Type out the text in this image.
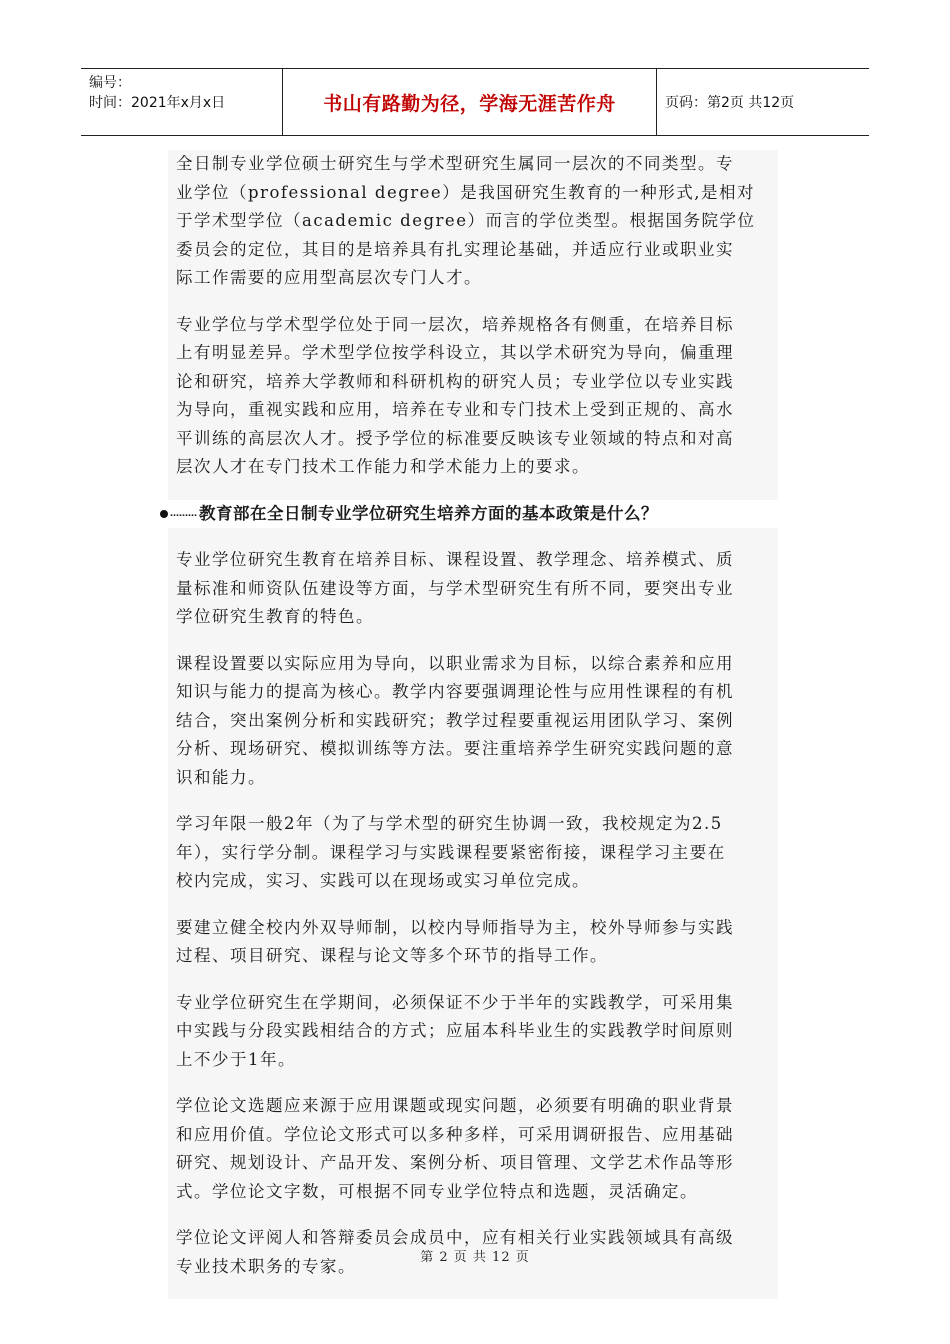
编号：
时间：2021年x月x日	书山有路勤为径，学海无涯苦作舟	页码：第2页 共12页
全日制专业学位硕士研究生与学术型研究生属同一层次的不同类型。专
业学位（professional degree）是我国研究生教育的一种形式,是相对
于学术型学位（academic degree）而言的学位类型。根据国务院学位
委员会的定位，其目的是培养具有扎实理论基础，并适应行业或职业实
际工作需要的应用型高层次专门人才。
专业学位与学术型学位处于同一层次，培养规格各有侧重，在培养目标
上有明显差异。学术型学位按学科设立，其以学术研究为导向，偏重理
论和研究，培养大学教师和科研机构的研究人员；专业学位以专业实践
为导向，重视实践和应用，培养在专业和专门技术上受到正规的、高水
平训练的高层次人才。授予学位的标准要反映该专业领域的特点和对高
层次人才在专门技术工作能力和学术能力上的要求。
……… 教育部在全日制专业学位研究生培养方面的基本政策是什么？
专业学位研究生教育在培养目标、课程设置、教学理念、培养模式、质
量标准和师资队伍建设等方面，与学术型研究生有所不同，要突出专业
学位研究生教育的特色。
课程设置要以实际应用为导向，以职业需求为目标，以综合素养和应用
知识与能力的提高为核心。教学内容要强调理论性与应用性课程的有机
结合，突出案例分析和实践研究；教学过程要重视运用团队学习、案例
分析、现场研究、模拟训练等方法。要注重培养学生研究实践问题的意
识和能力。
学习年限一般2年（为了与学术型的研究生协调一致，我校规定为2.5
年），实行学分制。课程学习与实践课程要紧密衔接，课程学习主要在
校内完成，实习、实践可以在现场或实习单位完成。
要建立健全校内外双导师制，以校内导师指导为主，校外导师参与实践
过程、项目研究、课程与论文等多个环节的指导工作。
专业学位研究生在学期间，必须保证不少于半年的实践教学，可采用集
中实践与分段实践相结合的方式；应届本科毕业生的实践教学时间原则
上不少于1年。
学位论文选题应来源于应用课题或现实问题，必须要有明确的职业背景
和应用价值。学位论文形式可以多种多样，可采用调研报告、应用基础
研究、规划设计、产品开发、案例分析、项目管理、文学艺术作品等形
式。学位论文字数，可根据不同专业学位特点和选题，灵活确定。
学位论文评阅人和答辩委员会成员中，应有相关行业实践领域具有高级
专业技术职务的专家。	第 2 页 共 12 页
